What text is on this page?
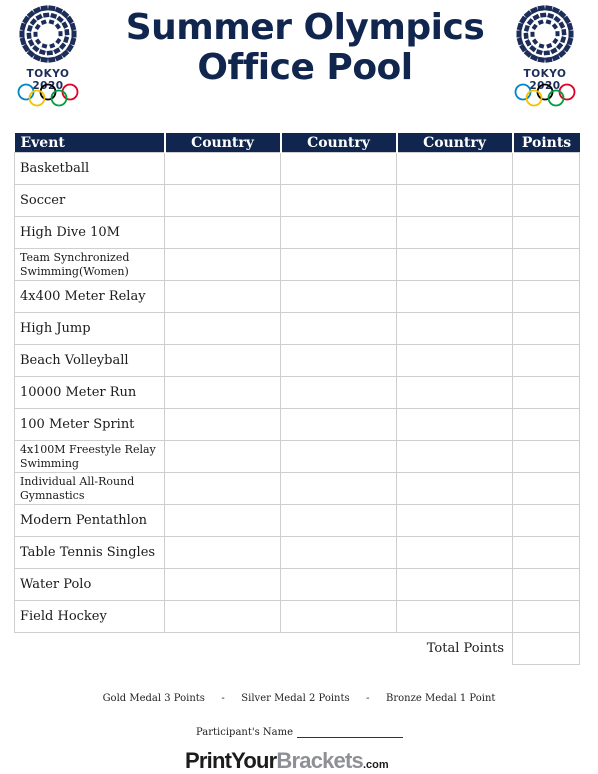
TOKYO 2020
TOKYO 2020
Summer Olympics
Office Pool
Event	Country	Country	Country	Points
Basketball				
Soccer				
High Dive 10M				
Team Synchronized Swimming(Women)				
4x400 Meter Relay				
High Jump				
Beach Volleyball				
10000 Meter Run				
100 Meter Sprint				
4x100M Freestyle Relay Swimming				
Individual All-Round Gymnastics				
Modern Pentathlon				
Table Tennis Singles				
Water Polo				
Field Hockey				
Total Points				
Gold Medal 3 Points - Silver Medal 2 Points - Bronze Medal 1 Point
Participant's Name
PrintYourBrackets.com
